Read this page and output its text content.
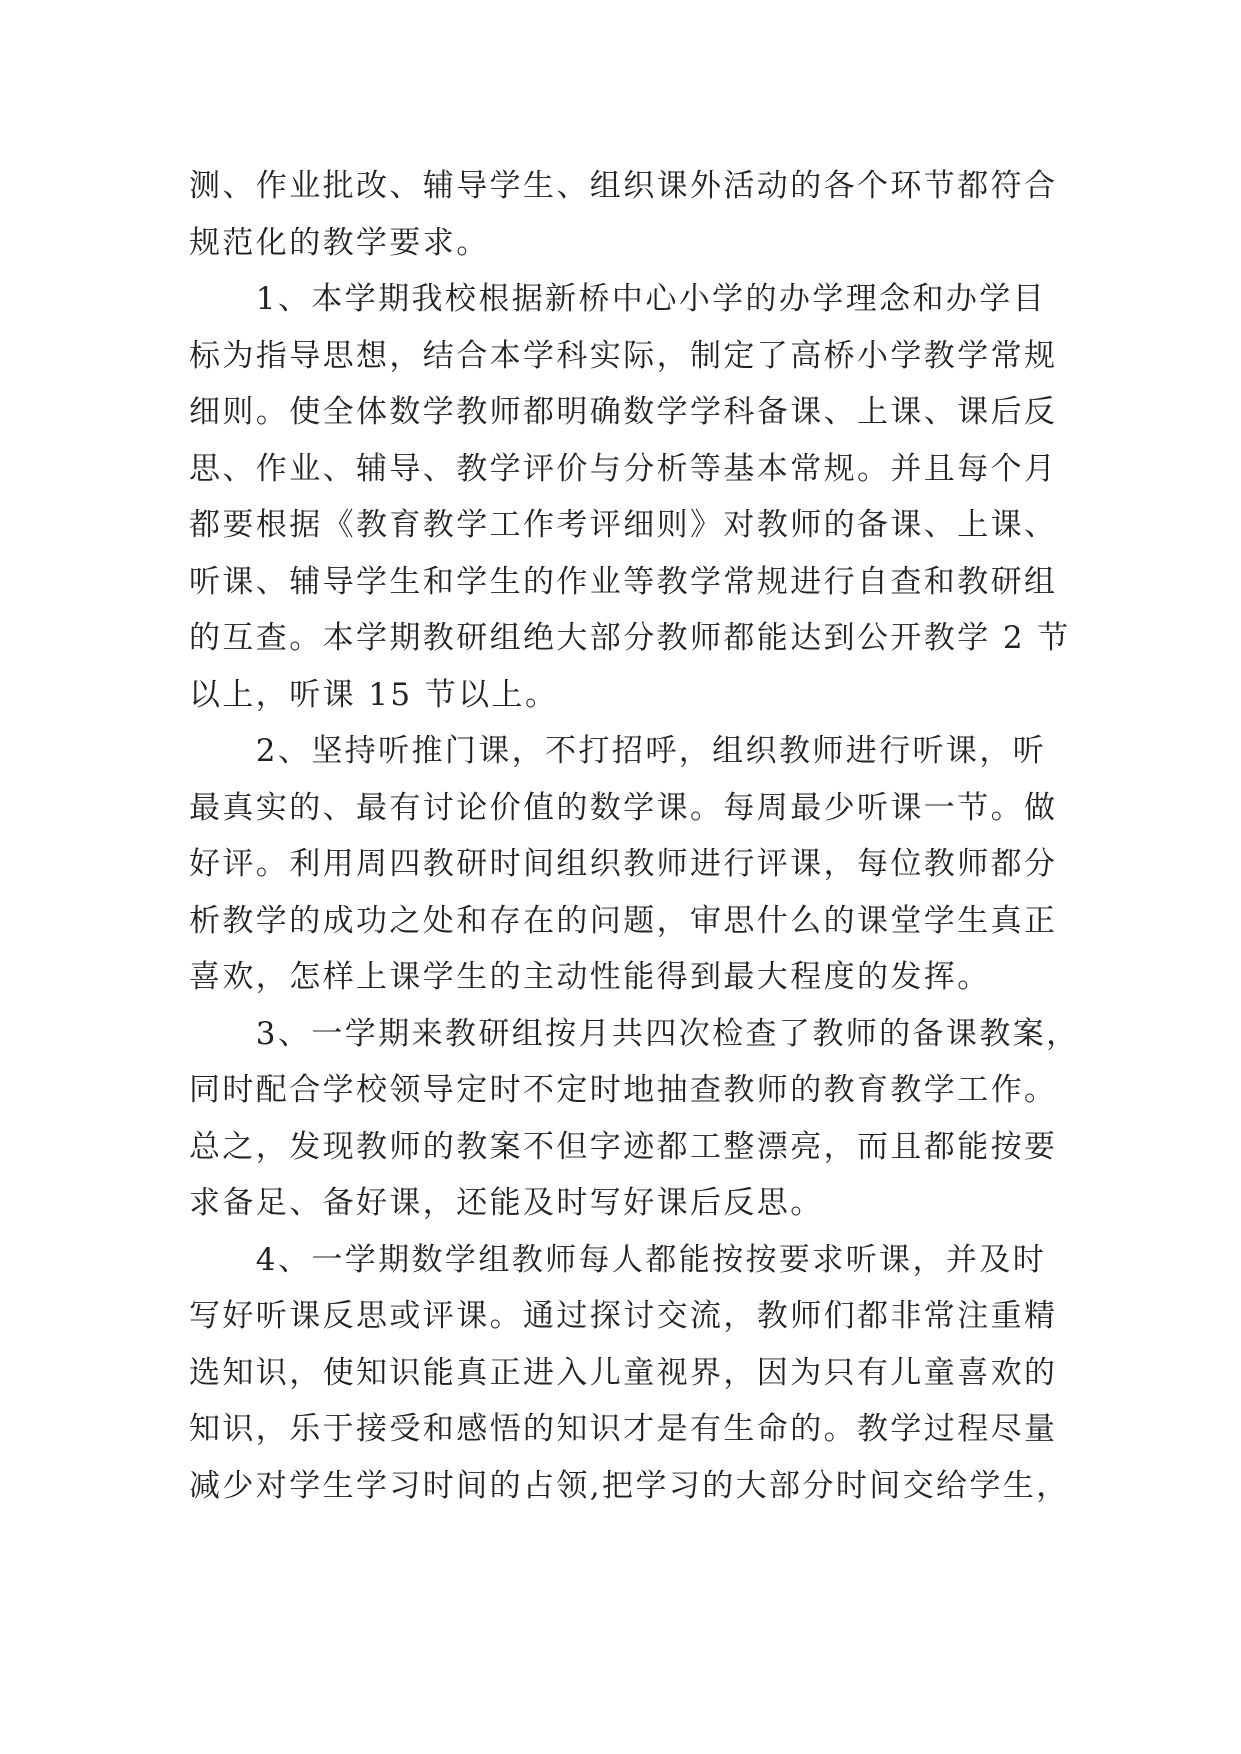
测、作业批改、辅导学生、组织课外活动的各个环节都符合
规范化的教学要求。
　　1、本学期我校根据新桥中心小学的办学理念和办学目
标为指导思想，结合本学科实际，制定了高桥小学教学常规
细则。使全体数学教师都明确数学学科备课、上课、课后反
思、作业、辅导、教学评价与分析等基本常规。并且每个月
都要根据《教育教学工作考评细则》对教师的备课、上课、
听课、辅导学生和学生的作业等教学常规进行自查和教研组
的互查。本学期教研组绝大部分教师都能达到公开教学 2 节
以上，听课 15 节以上。
　　2、坚持听推门课，不打招呼，组织教师进行听课，听
最真实的、最有讨论价值的数学课。每周最少听课一节。做
好评。利用周四教研时间组织教师进行评课，每位教师都分
析教学的成功之处和存在的问题，审思什么的课堂学生真正
喜欢，怎样上课学生的主动性能得到最大程度的发挥。
　　3、一学期来教研组按月共四次检查了教师的备课教案，
同时配合学校领导定时不定时地抽查教师的教育教学工作。
总之，发现教师的教案不但字迹都工整漂亮，而且都能按要
求备足、备好课，还能及时写好课后反思。
　　4、一学期数学组教师每人都能按按要求听课，并及时
写好听课反思或评课。通过探讨交流，教师们都非常注重精
选知识，使知识能真正进入儿童视界，因为只有儿童喜欢的
知识，乐于接受和感悟的知识才是有生命的。教学过程尽量
减少对学生学习时间的占领,把学习的大部分时间交给学生，
